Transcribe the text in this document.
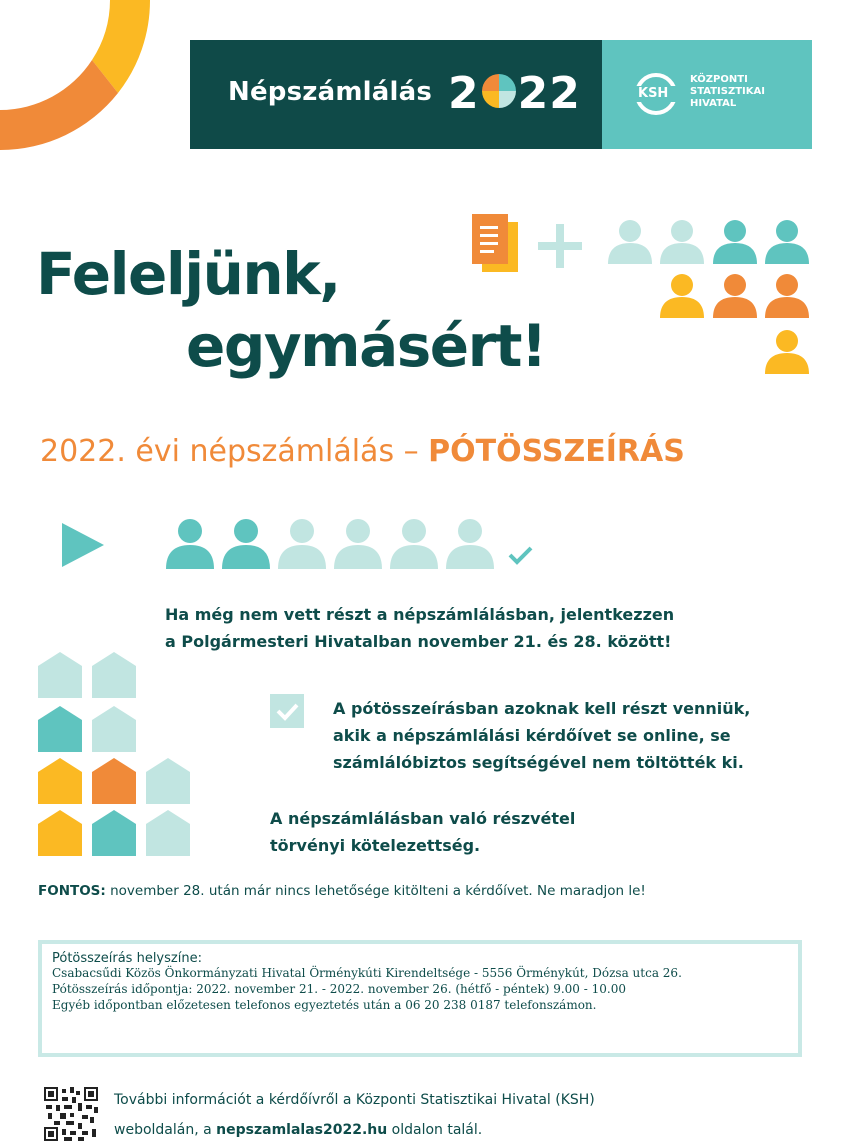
Népszámlálás 2 22	KSH
KÖZPONTI
STATISZTIKAI
HIVATAL
Feleljünk,
egymásért!
2022. évi népszámlálás – PÓTÖSSZEÍRÁS
Ha még nem vett részt a népszámlálásban, jelentkezzen
a Polgármesteri Hivatalban november 21. és 28. között!
A pótösszeírásban azoknak kell részt venniük,
akik a népszámlálási kérdőívet se online, se
számlálóbiztos segítségével nem töltötték ki.
A népszámlálásban való részvétel
törvényi kötelezettség.
FONTOS: november 28. után már nincs lehetősége kitölteni a kérdőívet. Ne maradjon le!
Pótösszeírás helyszíne:
Csabacsűdi Közös Önkormányzati Hivatal Örménykúti Kirendeltsége - 5556 Örménykút, Dózsa utca 26.
Pótösszeírás időpontja: 2022. november 21. - 2022. november 26. (hétfő - péntek) 9.00 - 10.00
Egyéb időpontban előzetesen telefonos egyeztetés után a 06 20 238 0187 telefonszámon.
További információt a kérdőívről a Központi Statisztikai Hivatal (KSH)
weboldalán, a nepszamlalas2022.hu oldalon talál.
